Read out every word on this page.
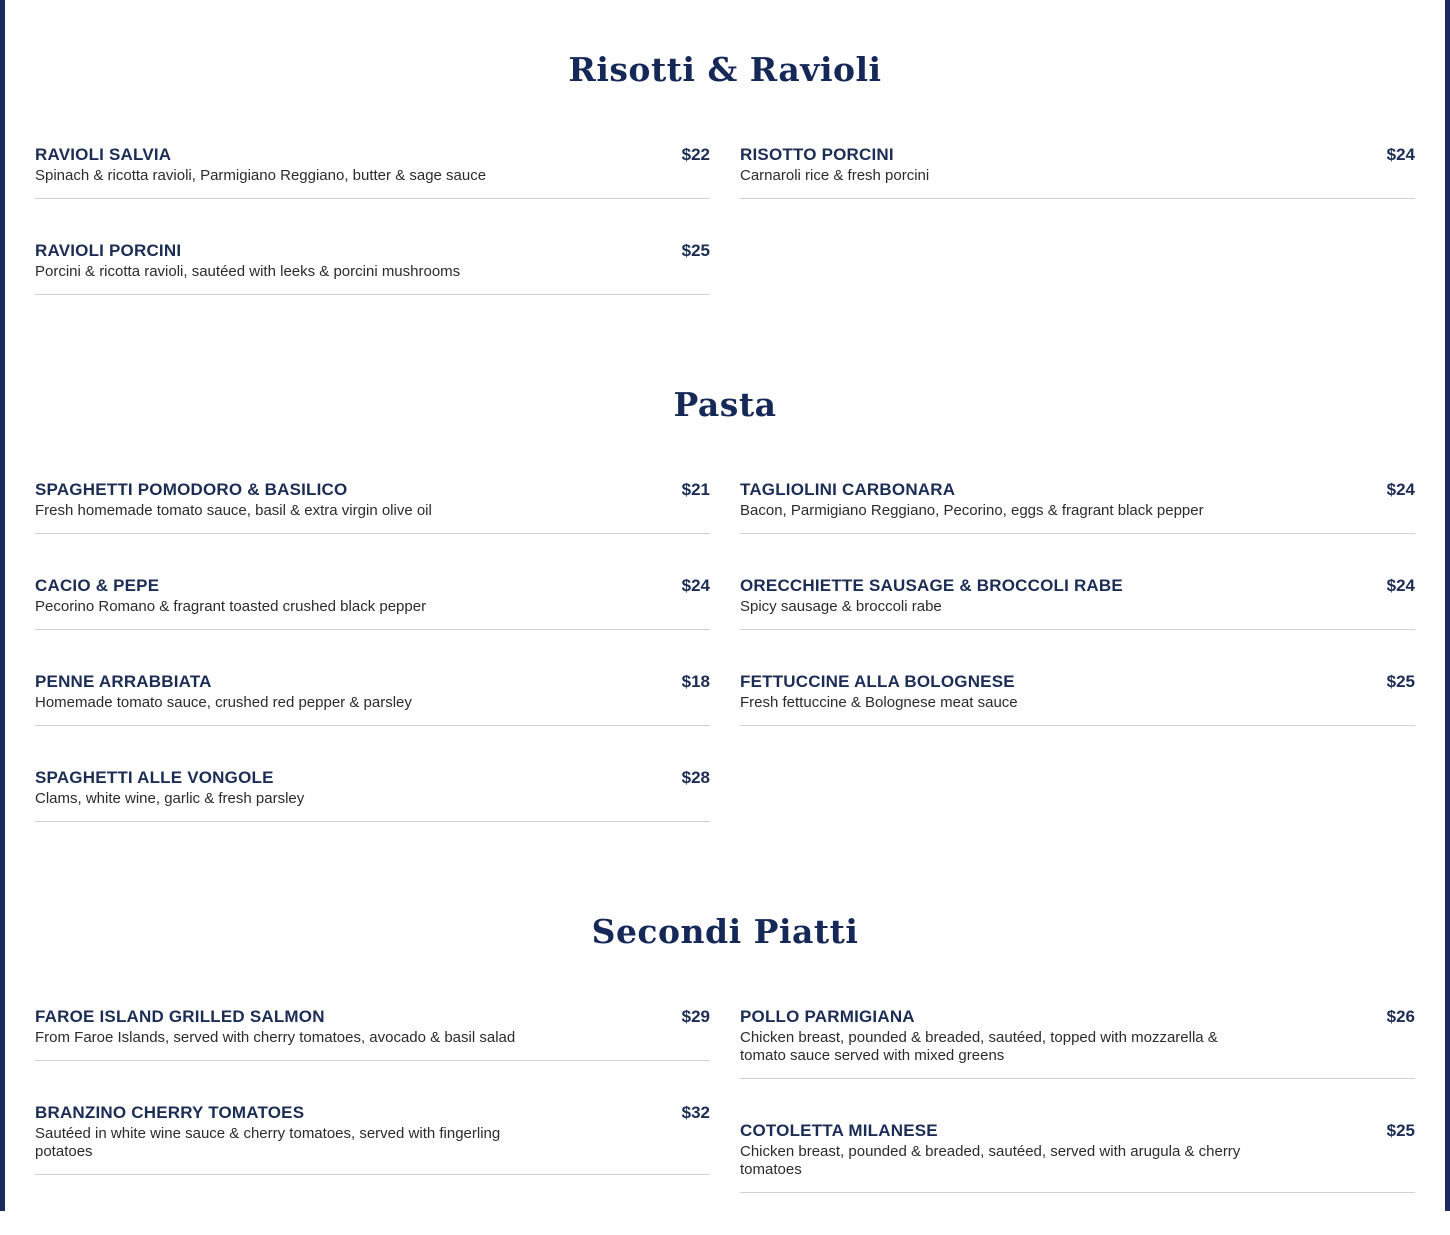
Risotti & Ravioli
RAVIOLI SALVIA	$22
Spinach & ricotta ravioli, Parmigiano Reggiano, butter & sage sauce
RAVIOLI PORCINI	$25
Porcini & ricotta ravioli, sautéed with leeks & porcini mushrooms
RISOTTO PORCINI	$24
Carnaroli rice & fresh porcini
Pasta
SPAGHETTI POMODORO & BASILICO	$21
Fresh homemade tomato sauce, basil & extra virgin olive oil
CACIO & PEPE	$24
Pecorino Romano & fragrant toasted crushed black pepper
PENNE ARRABBIATA	$18
Homemade tomato sauce, crushed red pepper & parsley
SPAGHETTI ALLE VONGOLE	$28
Clams, white wine, garlic & fresh parsley
TAGLIOLINI CARBONARA	$24
Bacon, Parmigiano Reggiano, Pecorino, eggs & fragrant black pepper
ORECCHIETTE SAUSAGE & BROCCOLI RABE	$24
Spicy sausage & broccoli rabe
FETTUCCINE ALLA BOLOGNESE	$25
Fresh fettuccine & Bolognese meat sauce
Secondi Piatti
FAROE ISLAND GRILLED SALMON	$29
From Faroe Islands, served with cherry tomatoes, avocado & basil salad
BRANZINO CHERRY TOMATOES	$32
Sautéed in white wine sauce & cherry tomatoes, served with fingerling potatoes
POLLO PARMIGIANA	$26
Chicken breast, pounded & breaded, sautéed, topped with mozzarella & tomato sauce served with mixed greens
COTOLETTA MILANESE	$25
Chicken breast, pounded & breaded, sautéed, served with arugula & cherry tomatoes
